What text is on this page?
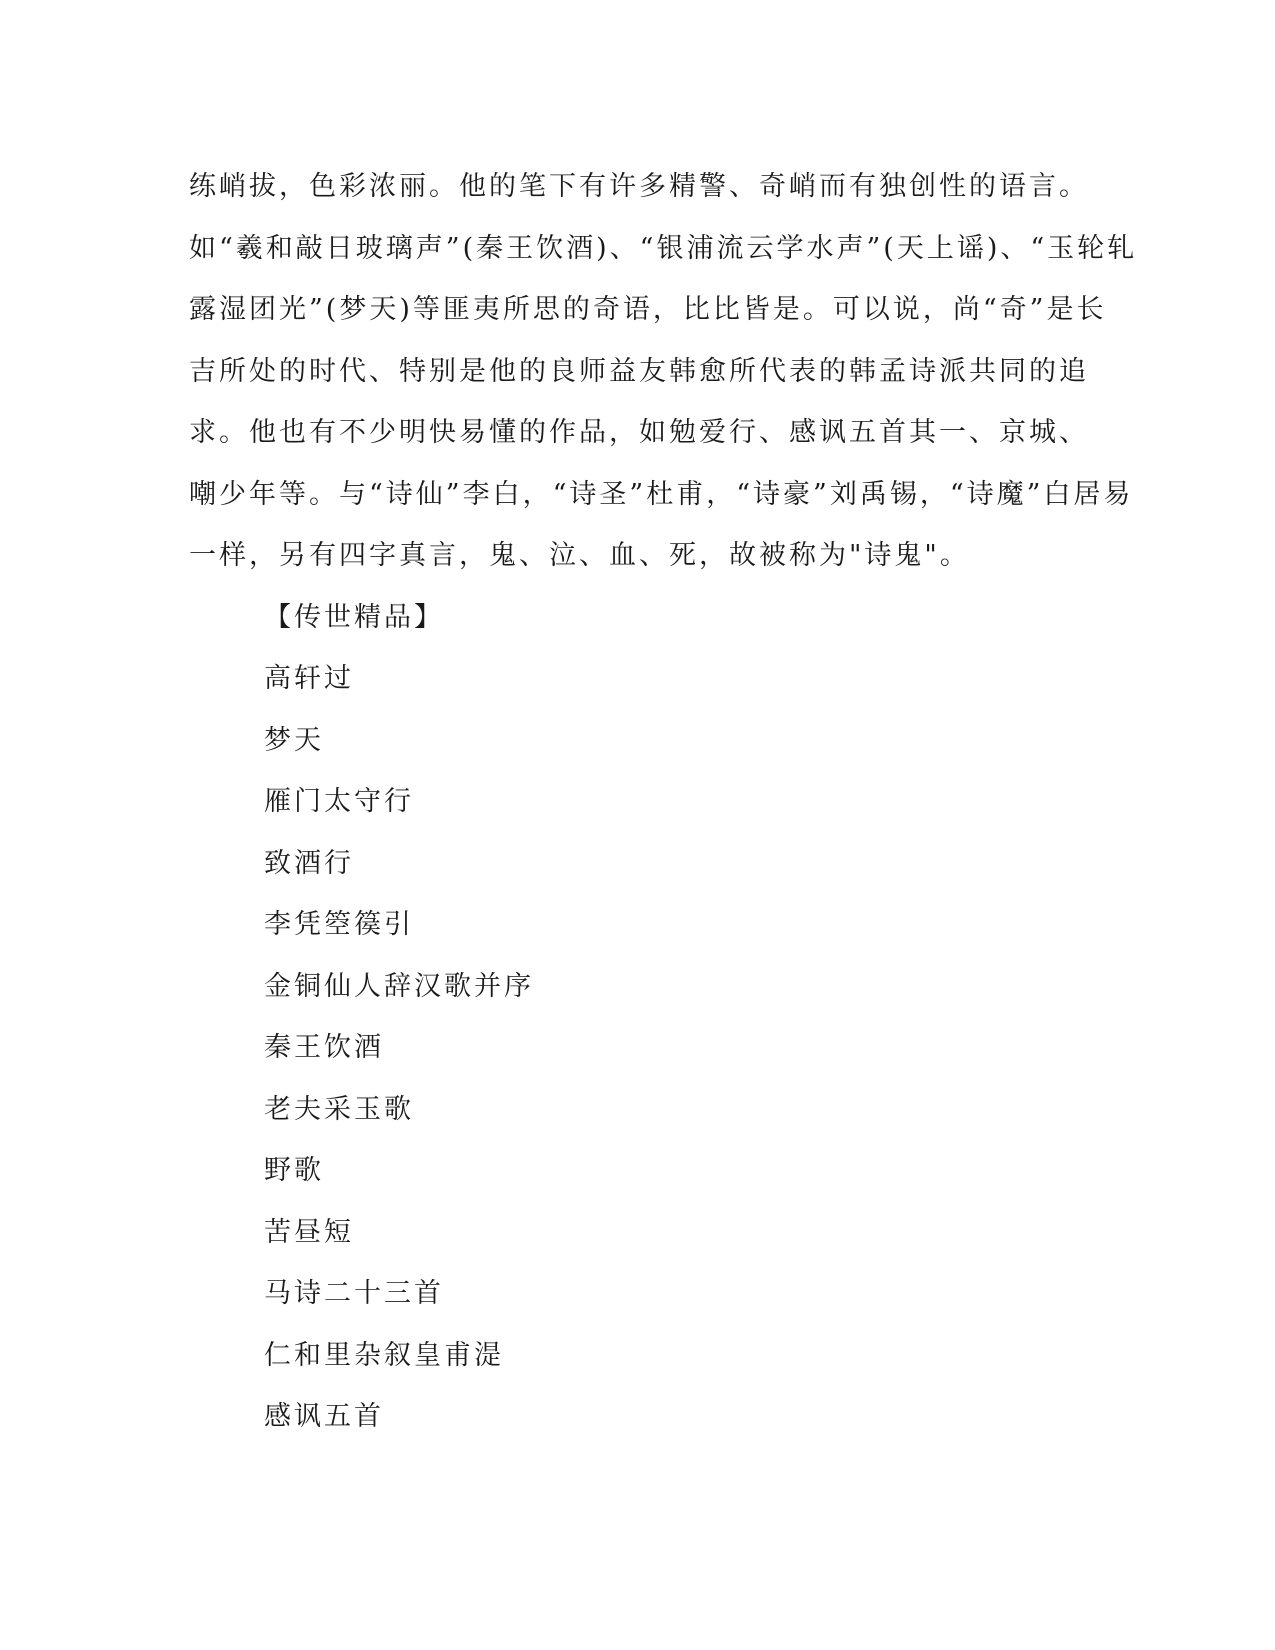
练峭拔，色彩浓丽。他的笔下有许多精警、奇峭而有独创性的语言。
如“羲和敲日玻璃声”(秦王饮酒)、“银浦流云学水声”(天上谣)、“玉轮轧
露湿团光”(梦天)等匪夷所思的奇语，比比皆是。可以说，尚“奇”是长
吉所处的时代、特别是他的良师益友韩愈所代表的韩孟诗派共同的追
求。他也有不少明快易懂的作品，如勉爱行、感讽五首其一、京城、
嘲少年等。与“诗仙”李白，“诗圣”杜甫，“诗豪”刘禹锡，“诗魔”白居易
一样，另有四字真言，鬼、泣、血、死，故被称为"诗鬼"。
【传世精品】
高轩过
梦天
雁门太守行
致酒行
李凭箜篌引
金铜仙人辞汉歌并序
秦王饮酒
老夫采玉歌
野歌
苦昼短
马诗二十三首
仁和里杂叙皇甫湜
感讽五首
